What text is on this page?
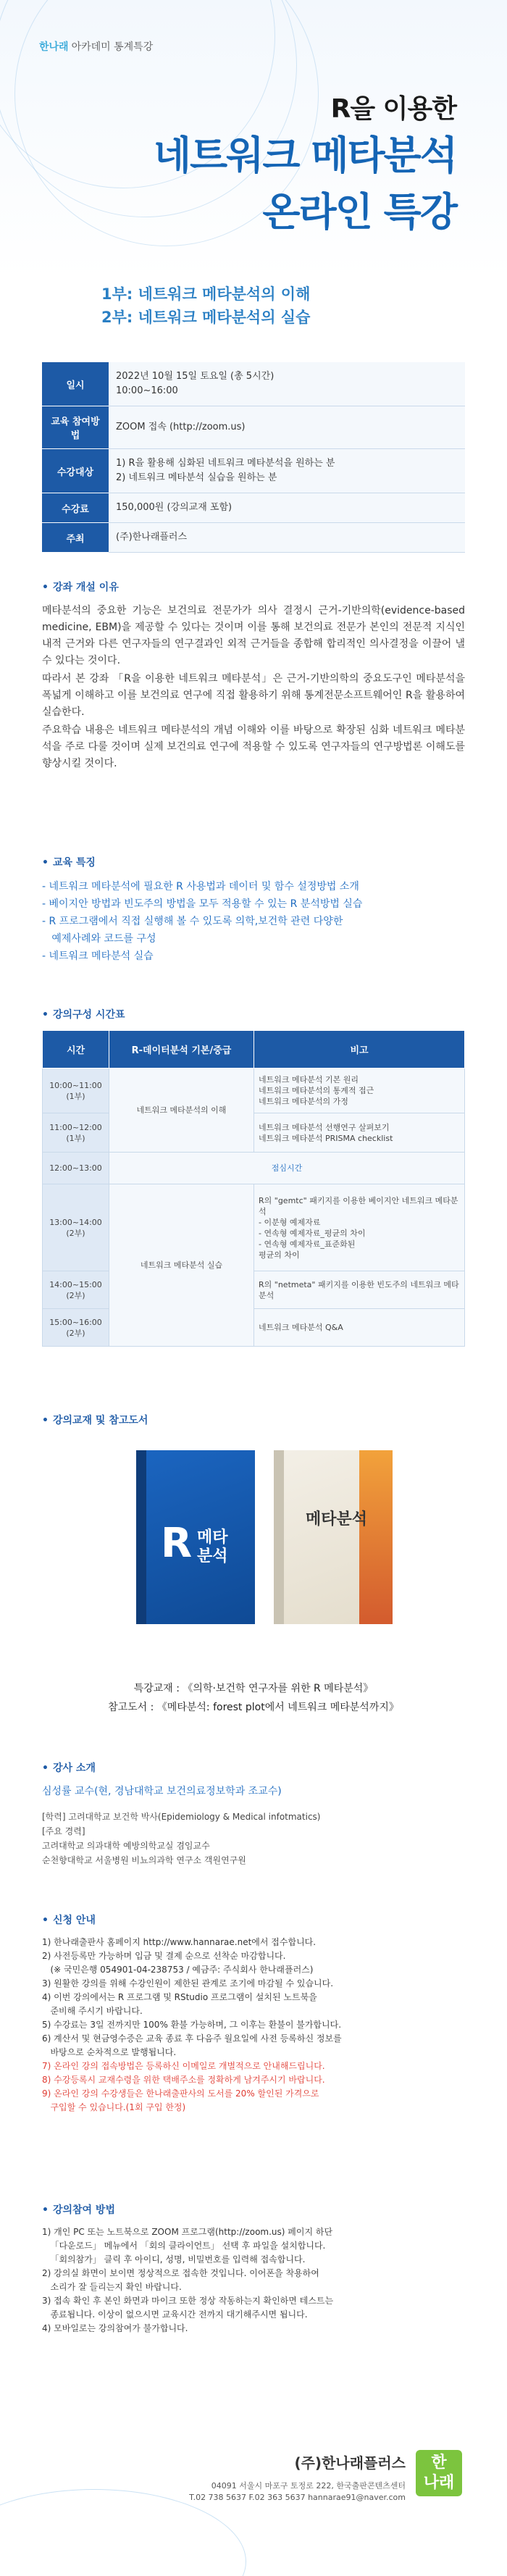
한나래 아카데미 통계특강
R을 이용한
네트워크 메타분석
온라인 특강
1부: 네트워크 메타분석의 이해
2부: 네트워크 메타분석의 실습
일시	2022년 10월 15일 토요일 (총 5시간)
10:00~16:00

교육 참여방법	ZOOM 접속 (http://zoom.us)

수강대상	1) R을 활용해 심화된 네트워크 메타분석을 원하는 분
2) 네트워크 메타분석 실습을 원하는 분

수강료	150,000원 (강의교재 포함)

주최	(주)한나래플러스
• 강좌 개설 이유

메타분석의 중요한 기능은 보건의료 전문가가 의사 결정시 근거-기반의학(evidence-based medicine, EBM)을 제공할 수 있다는 것이며 이를 통해 보건의료 전문가 본인의 전문적 지식인 내적 근거와 다른 연구자들의 연구결과인 외적 근거들을 종합해 합리적인 의사결정을 이끌어 낼 수 있다는 것이다.

따라서 본 강좌 「R을 이용한 네트워크 메타분석」은 근거-기반의학의 중요도구인 메타분석을 폭넓게 이해하고 이를 보건의료 연구에 직접 활용하기 위해 통계전문소프트웨어인 R을 활용하여 실습한다.

주요학습 내용은 네트워크 메타분석의 개념 이해와 이를 바탕으로 확장된 심화 네트워크 메타분석을 주로 다룰 것이며 실제 보건의료 연구에 적용할 수 있도록 연구자들의 연구방법론 이해도를 향상시킬 것이다.

• 교육 특징
- 네트워크 메타분석에 필요한 R 사용법과 데이터 및 함수 설정방법 소개
- 베이지안 방법과 빈도주의 방법을 모두 적용할 수 있는 R 분석방법 실습
- R 프로그램에서 직접 실행해 볼 수 있도록 의학,보건학 관련 다양한
예제사례와 코드를 구성
- 네트워크 메타분석 실습
• 강의구성 시간표
시간	R-데이터분석 기본/중급	비고
10:00~11:00
(1부)	네트워크 메타분석의 이해	네트워크 메타분석 기본 원리
네트워크 메타분석의 통계적 접근
네트워크 메타분석의 가정
11:00~12:00
(1부)		네트워크 메타분석 선행연구 살펴보기
네트워크 메타분석 PRISMA checklist
12:00~13:00	점심시간	
13:00~14:00
(2부)	네트워크 메타분석 실습	R의 "gemtc" 패키지를 이용한 베이지안 네트워크 메타분석
- 이분형 예제자료
- 연속형 예제자료_평균의 차이
- 연속형 예제자료_표준화된
평균의 차이
14:00~15:00
(2부)		R의 "netmeta" 패키지를 이용한 빈도주의 네트워크 메타분석
15:00~16:00
(2부)		네트워크 메타분석 Q&A
• 강의교재 및 참고도서
R 메타
분석
메타분석
특강교재 : 《의학·보건학 연구자를 위한 R 메타분석》
참고도서 : 《메타분석: forest plot에서 네트워크 메타분석까지》
• 강사 소개
심성률 교수(현, 경남대학교 보건의료정보학과 조교수)
[학력] 고려대학교 보건학 박사(Epidemiology & Medical infotmatics)
[주요 경력]
고려대학교 의과대학 예방의학교실 겸임교수
순천향대학교 서울병원 비뇨의과학 연구소 객원연구원
• 신청 안내
1) 한나래출판사 홈페이지 http://www.hannarae.net에서 접수합니다.
2) 사전등록만 가능하며 입금 및 결제 순으로 선착순 마감합니다.
(※ 국민은행 054901-04-238753 / 예금주: 주식회사 한나래플러스)
3) 원활한 강의를 위해 수강인원이 제한된 관계로 조기에 마감될 수 있습니다.
4) 이번 강의에서는 R 프로그램 및 RStudio 프로그램이 설치된 노트북을
준비해 주시기 바랍니다.
5) 수강료는 3일 전까지만 100% 환불 가능하며, 그 이후는 환불이 불가합니다.
6) 계산서 및 현금영수증은 교육 종료 후 다음주 월요일에 사전 등록하신 정보를
바탕으로 순차적으로 발행됩니다.
7) 온라인 강의 접속방법은 등록하신 이메일로 개별적으로 안내해드립니다.
8) 수강등록시 교재수령을 위한 택배주소를 정확하게 남겨주시기 바랍니다.
9) 온라인 강의 수강생들은 한나래출판사의 도서를 20% 할인된 가격으로
구입할 수 있습니다.(1회 구입 한정)
• 강의참여 방법
1) 개인 PC 또는 노트북으로 ZOOM 프로그램(http://zoom.us) 페이지 하단
「다운로드」 메뉴에서 「회의 클라이언트」 선택 후 파일을 설치합니다.
「회의참가」 클릭 후 아이디, 성명, 비밀번호를 입력해 접속합니다.
2) 강의실 화면이 보이면 정상적으로 접속한 것입니다. 이어폰을 착용하여
소리가 잘 들리는지 확인 바랍니다.
3) 접속 확인 후 본인 화면과 마이크 또한 정상 작동하는지 확인하면 테스트는
종료됩니다. 이상이 없으시면 교육시간 전까지 대기해주시면 됩니다.
4) 모바일로는 강의참여가 불가합니다.
(주)한나래플러스
04091 서울시 마포구 토정로 222, 한국출판콘텐츠센터
T.02 738 5637 F.02 363 5637 hannarae91@naver.com
한
나래
